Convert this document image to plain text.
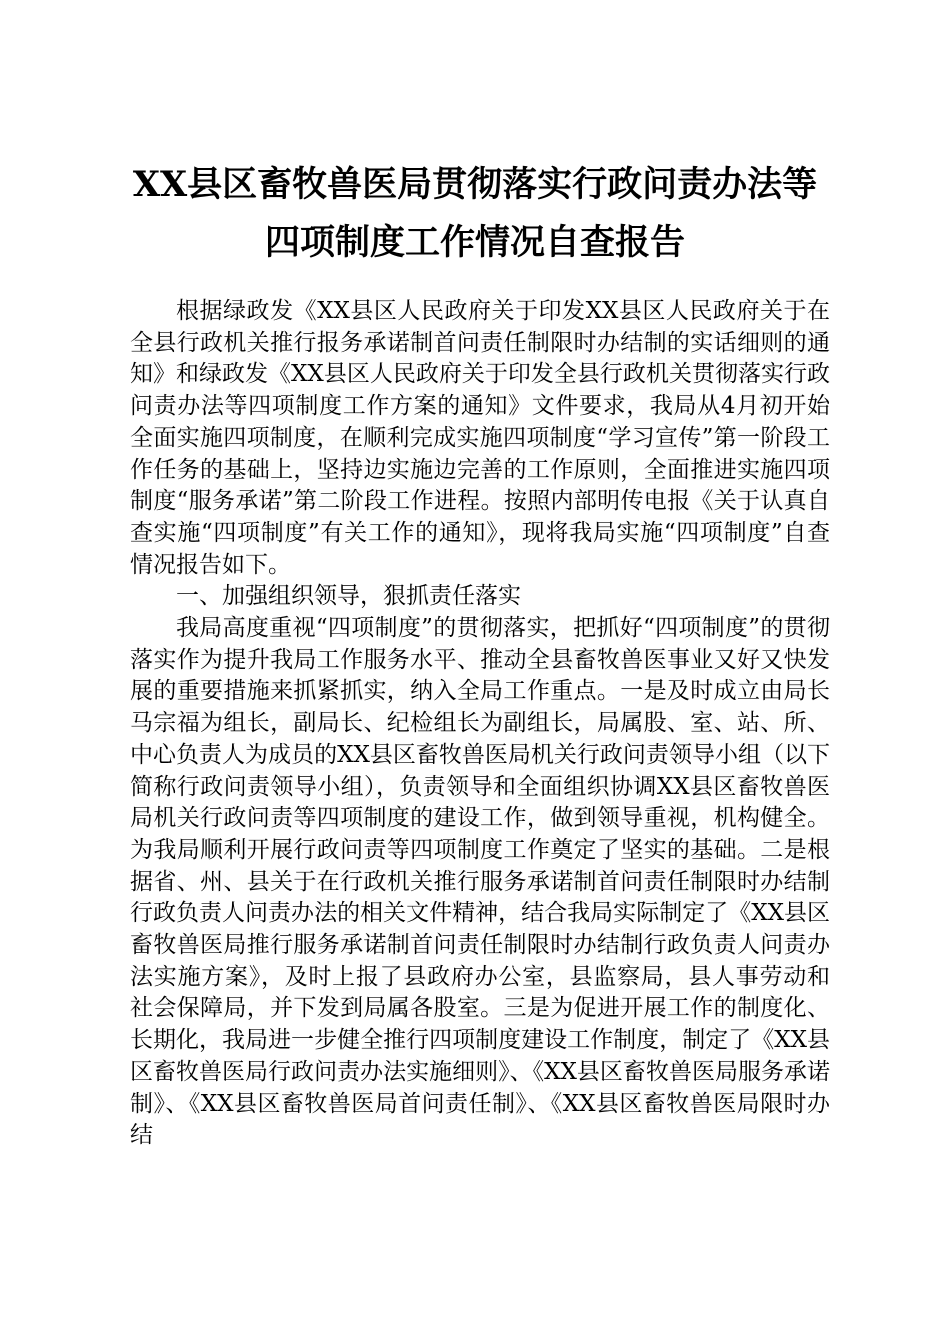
XX县区畜牧兽医局贯彻落实行政问责办法等
四项制度工作情况自查报告

根据绿政发《XX县区人民政府关于印发XX县区人民政府关于在全县行政机关推行报务承诺制首问责任制限时办结制的实话细则的通知》和绿政发《XX县区人民政府关于印发全县行政机关贯彻落实行政问责办法等四项制度工作方案的通知》文件要求，我局从4月初开始全面实施四项制度，在顺利完成实施四项制度“学习宣传”第一阶段工作任务的基础上，坚持边实施边完善的工作原则，全面推进实施四项制度“服务承诺”第二阶段工作进程。按照内部明传电报《关于认真自查实施“四项制度”有关工作的通知》，现将我局实施“四项制度”自查情况报告如下。

一、加强组织领导，狠抓责任落实

我局高度重视“四项制度”的贯彻落实，把抓好“四项制度”的贯彻落实作为提升我局工作服务水平、推动全县畜牧兽医事业又好又快发展的重要措施来抓紧抓实，纳入全局工作重点。一是及时成立由局长马宗福为组长，副局长、纪检组长为副组长，局属股、室、站、所、中心负责人为成员的XX县区畜牧兽医局机关行政问责领导小组（以下简称行政问责领导小组），负责领导和全面组织协调XX县区畜牧兽医局机关行政问责等四项制度的建设工作，做到领导重视，机构健全。为我局顺利开展行政问责等四项制度工作奠定了坚实的基础。二是根据省、州、县关于在行政机关推行服务承诺制首问责任制限时办结制行政负责人问责办法的相关文件精神，结合我局实际制定了《XX县区畜牧兽医局推行服务承诺制首问责任制限时办结制行政负责人问责办法实施方案》，及时上报了县政府办公室，县监察局，县人事劳动和社会保障局，并下发到局属各股室。三是为促进开展工作的制度化、长期化，我局进一步健全推行四项制度建设工作制度，制定了《XX县区畜牧兽医局行政问责办法实施细则》、《XX县区畜牧兽医局服务承诺制》、《XX县区畜牧兽医局首问责任制》、《XX县区畜牧兽医局限时办结
